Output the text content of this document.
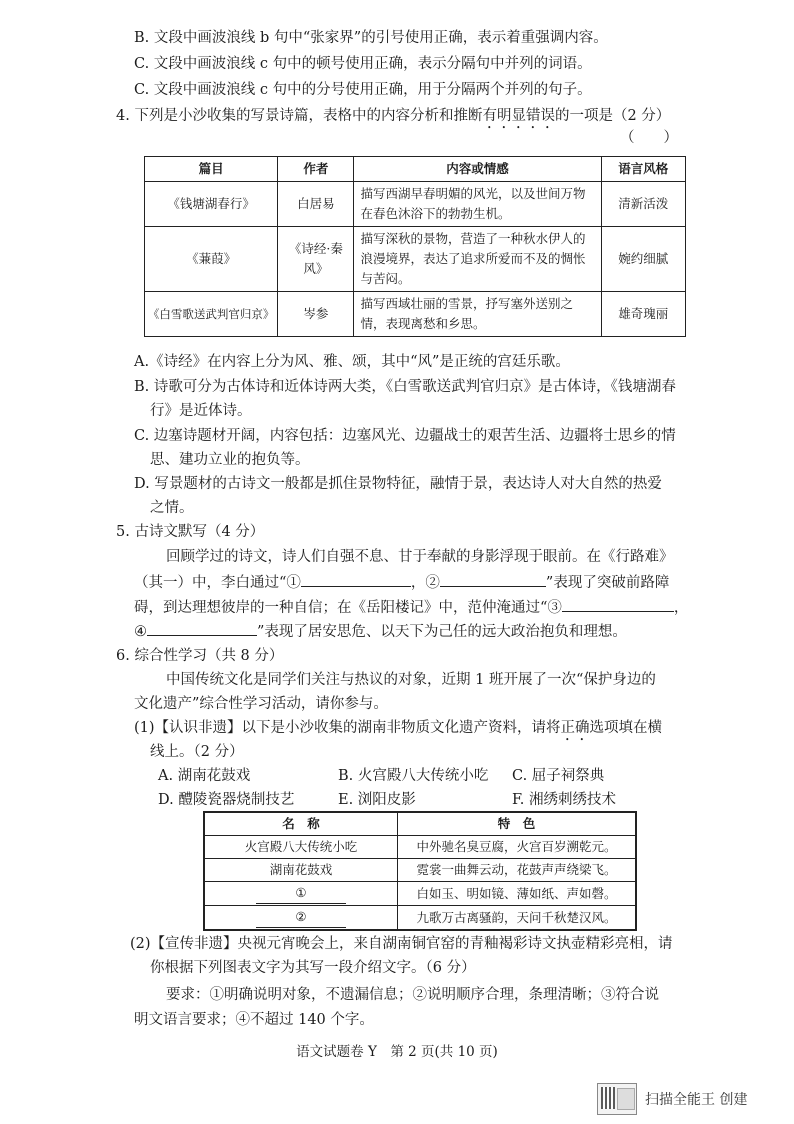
B. 文段中画波浪线 b 句中“张家界”的引号使用正确，表示着重强调内容。
C. 文段中画波浪线 c 句中的顿号使用正确，表示分隔句中并列的词语。
C. 文段中画波浪线 c 句中的分号使用正确，用于分隔两个并列的句子。
4. 下列是小沙收集的写景诗篇，表格中的内容分析和推断有明显错误的一项是（2 分）
（　　）
篇目	作者	内容或情感	语言风格
《钱塘湖春行》	白居易	描写西湖早春明媚的风光，以及世间万物在春色沐浴下的勃勃生机。	清新活泼
《蒹葭》	《诗经·秦风》	描写深秋的景物，营造了一种秋水伊人的浪漫境界，表达了追求所爱而不及的惆怅与苦闷。	婉约细腻
《白雪歌送武判官归京》	岑参	描写西域壮丽的雪景，抒写塞外送别之情，表现离愁和乡思。	雄奇瑰丽
A.《诗经》在内容上分为风、雅、颂，其中“风”是正统的宫廷乐歌。
B. 诗歌可分为古体诗和近体诗两大类，《白雪歌送武判官归京》是古体诗，《钱塘湖春
行》是近体诗。
C. 边塞诗题材开阔，内容包括：边塞风光、边疆战士的艰苦生活、边疆将士思乡的情
思、建功立业的抱负等。
D. 写景题材的古诗文一般都是抓住景物特征，融情于景，表达诗人对大自然的热爱
之情。
5. 古诗文默写（4 分）
回顾学过的诗文，诗人们自强不息、甘于奉献的身影浮现于眼前。在《行路难》
（其一）中，李白通过“①	，②	”表现了突破前路障
碍，到达理想彼岸的一种自信；在《岳阳楼记》中，范仲淹通过“③	，
④	”表现了居安思危、以天下为己任的远大政治抱负和理想。
6. 综合性学习（共 8 分）
中国传统文化是同学们关注与热议的对象，近期 1 班开展了一次“保护身边的
文化遗产”综合性学习活动，请你参与。
(1)【认识非遗】以下是小沙收集的湖南非物质文化遗产资料，请将正确选项填在横
线上。（2 分）
A. 湖南花鼓戏	B. 火宫殿八大传统小吃 C. 屈子祠祭典
D. 醴陵瓷器烧制技艺	E. 浏阳皮影	F. 湘绣刺绣技术
名　称	特　色
火宫殿八大传统小吃	中外驰名臭豆腐，火宫百岁溯乾元。
湖南花鼓戏	霓裳一曲舞云动，花鼓声声绕梁飞。
①	白如玉、明如镜、薄如纸、声如磬。
②	九歌万古离骚韵，天问千秋楚汉风。
(2)【宣传非遗】央视元宵晚会上，来自湖南铜官窑的青釉褐彩诗文执壶精彩亮相，请
你根据下列图表文字为其写一段介绍文字。（6 分）
要求：①明确说明对象，不遗漏信息；②说明顺序合理，条理清晰；③符合说
明文语言要求；④不超过 140 个字。
语文试题卷 Y　第 2 页(共 10 页)
扫描全能王 创建
